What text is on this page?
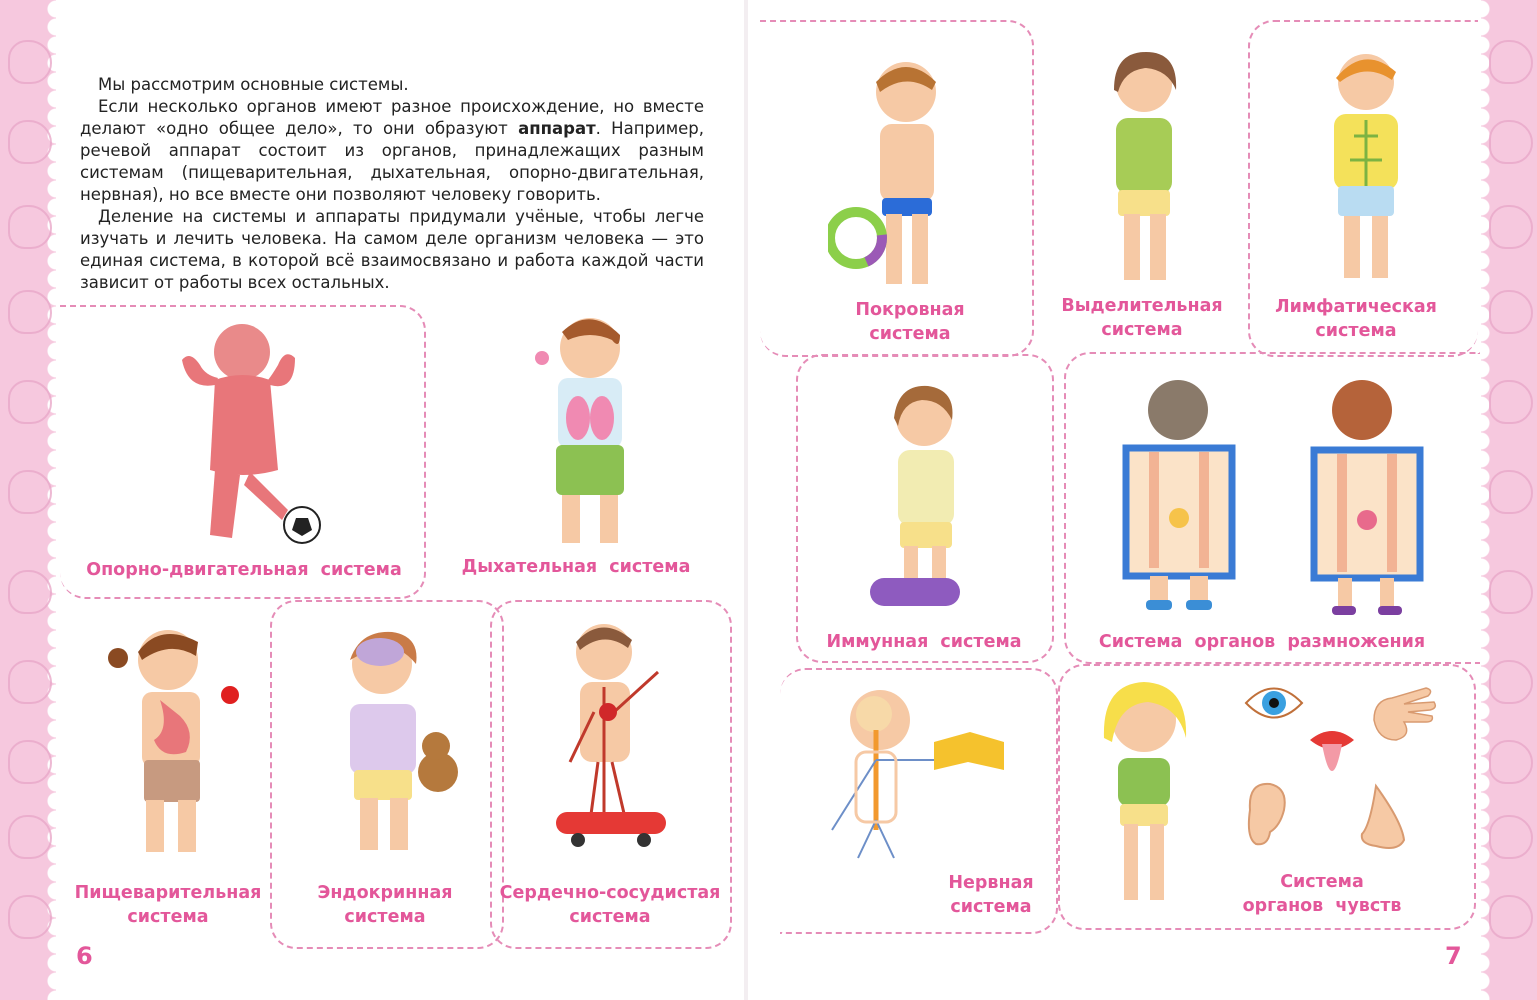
Мы рассмотрим основные системы.

Если несколько органов имеют разное происхождение, но вместе делают «одно общее дело», то они образуют аппарат. Например, речевой аппарат состоит из органов, принадлежащих разным системам (пищеварительная, дыхательная, опорно-двигательная, нервная), но все вместе они позволяют человеку говорить.

Деление на системы и аппараты придумали учёные, чтобы легче изучать и лечить человека. На самом деле организм человека — это единая система, в которой всё взаимосвязано и работа каждой части зависит от работы всех остальных.

Опорно-двигательная система	Дыхательная система
Пищеварительная
система
Эндокринная
система
Сердечно-сосудистая
система
6
Покровная
система
Выделительная
система
Лимфатическая
система
Иммунная система	Система органов размножения
Нервная
система
Система
органов чувств
7
